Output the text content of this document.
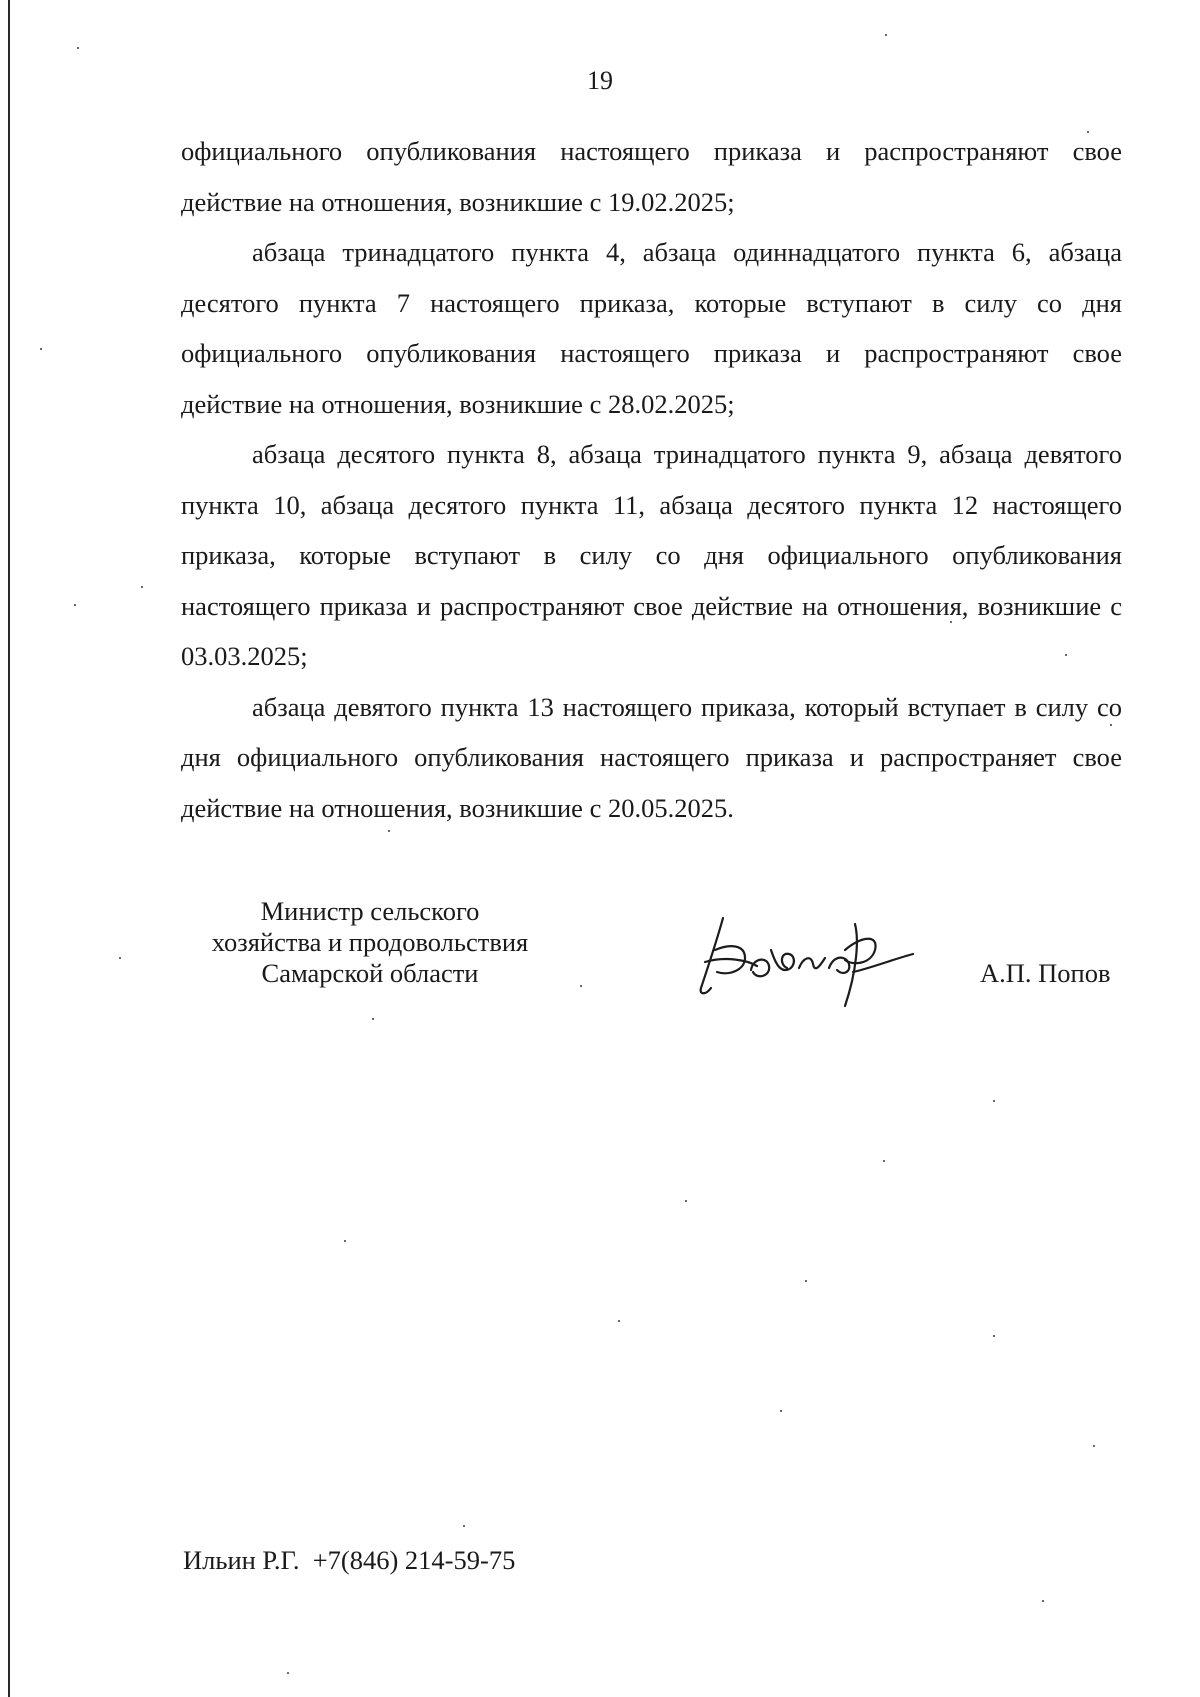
19

официального опубликования настоящего приказа и распространяют свое действие на отношения, возникшие с 19.02.2025;

абзаца тринадцатого пункта 4, абзаца одиннадцатого пункта 6, абзаца десятого пункта 7 настоящего приказа, которые вступают в силу со дня официального опубликования настоящего приказа и распространяют свое действие на отношения, возникшие с 28.02.2025;

абзаца десятого пункта 8, абзаца тринадцатого пункта 9, абзаца девятого пункта 10, абзаца десятого пункта 11, абзаца десятого пункта 12 настоящего приказа, которые вступают в силу со дня официального опубликования настоящего приказа и распространяют свое действие на отношения, возникшие с 03.03.2025;

абзаца девятого пункта 13 настоящего приказа, который вступает в силу со дня официального опубликования настоящего приказа и распространяет свое действие на отношения, возникшие с 20.05.2025.

Министр сельского
хозяйства и продовольствия
Самарской области	А.П. Попов
Ильин Р.Г. +7(846) 214-59-75
